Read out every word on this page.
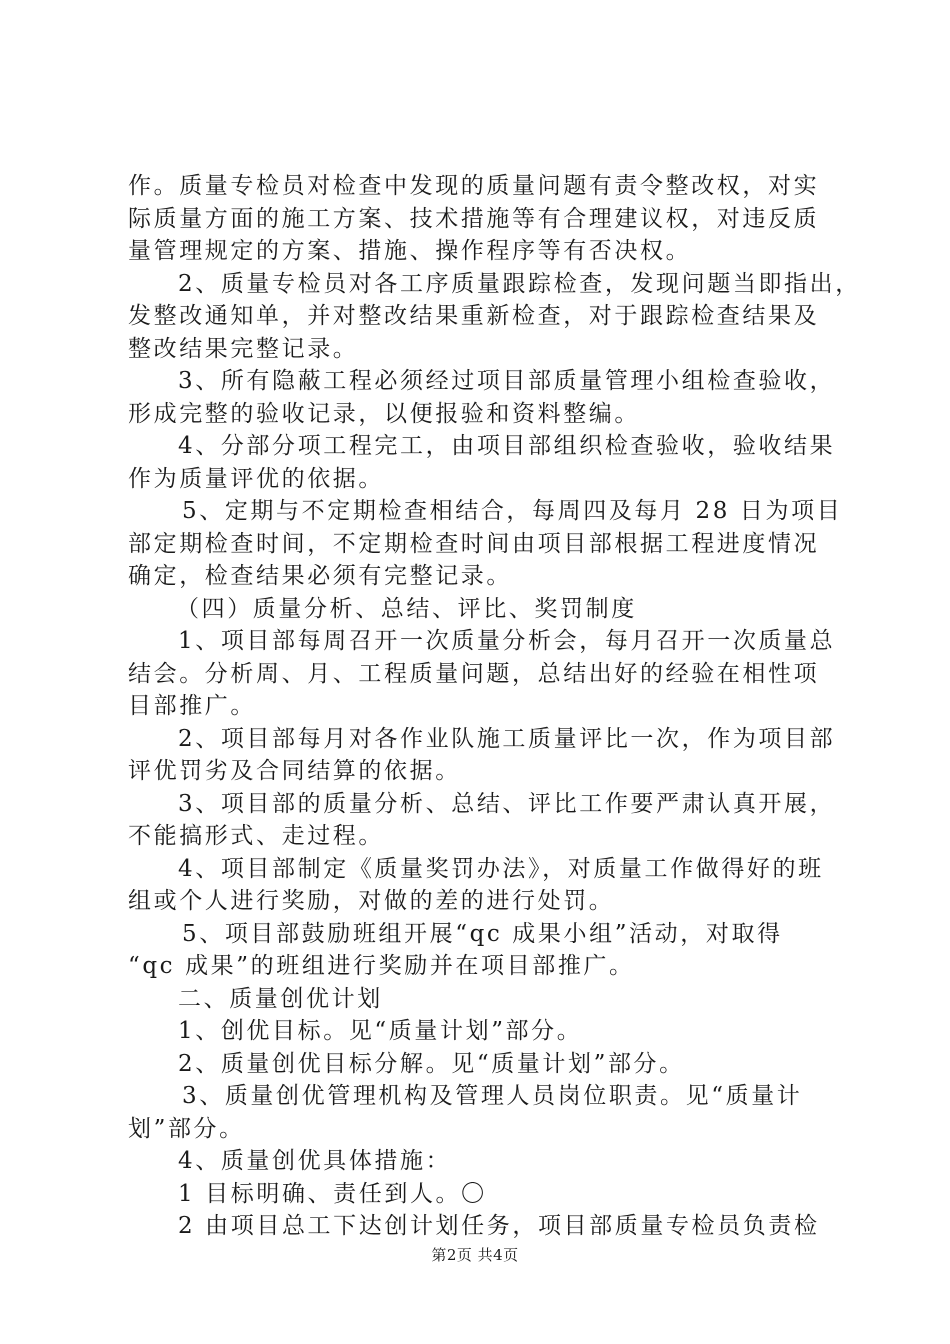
作。质量专检员对检查中发现的质量问题有责令整改权，对实
际质量方面的施工方案、技术措施等有合理建议权，对违反质
量管理规定的方案、措施、操作程序等有否决权。
2、质量专检员对各工序质量跟踪检查，发现问题当即指出，
发整改通知单，并对整改结果重新检查，对于跟踪检查结果及
整改结果完整记录。
3、所有隐蔽工程必须经过项目部质量管理小组检查验收，
形成完整的验收记录，以便报验和资料整编。
4、分部分项工程完工，由项目部组织检查验收，验收结果
作为质量评优的依据。
5、定期与不定期检查相结合，每周四及每月 28 日为项目
部定期检查时间，不定期检查时间由项目部根据工程进度情况
确定，检查结果必须有完整记录。
（四）质量分析、总结、评比、奖罚制度
1、项目部每周召开一次质量分析会，每月召开一次质量总
结会。分析周、月、工程质量问题，总结出好的经验在相性项
目部推广。
2、项目部每月对各作业队施工质量评比一次，作为项目部
评优罚劣及合同结算的依据。
3、项目部的质量分析、总结、评比工作要严肃认真开展，
不能搞形式、走过程。
4、项目部制定《质量奖罚办法》，对质量工作做得好的班
组或个人进行奖励，对做的差的进行处罚。
5、项目部鼓励班组开展“qc 成果小组”活动，对取得
“qc 成果”的班组进行奖励并在项目部推广。
二、质量创优计划
1、创优目标。见“质量计划”部分。
2、质量创优目标分解。见“质量计划”部分。
3、质量创优管理机构及管理人员岗位职责。见“质量计
划”部分。
4、质量创优具体措施：
1 目标明确、责任到人。〇
2 由项目总工下达创计划任务，项目部质量专检员负责检
第2页 共4页
